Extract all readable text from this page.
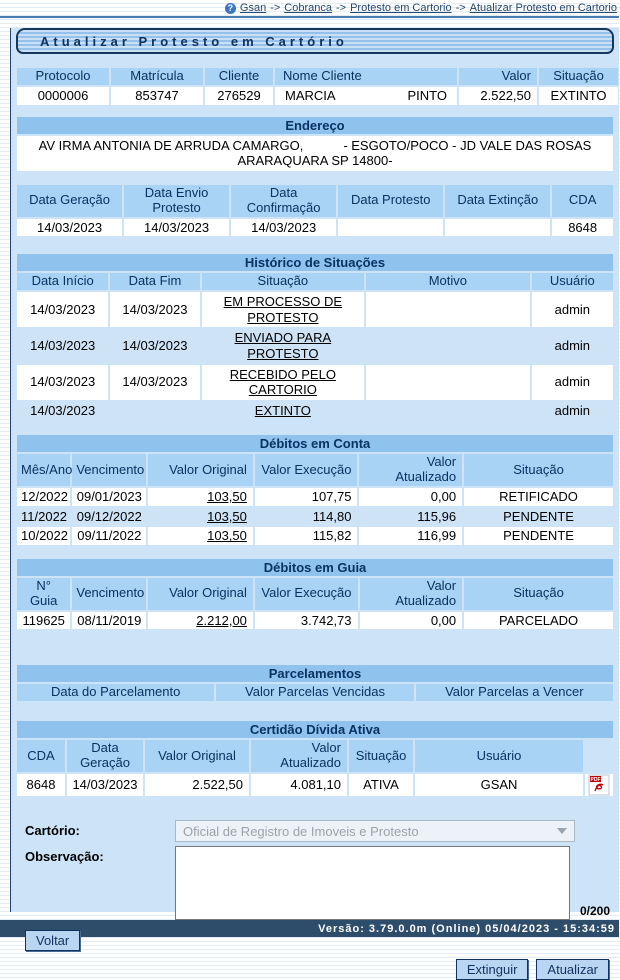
? Gsan -> Cobranca -> Protesto em Cartorio -> Atualizar Protesto em Cartorio
Atualizar Protesto em Cartório
Protocolo	Matrícula	Cliente	Nome Cliente	Valor	Situação
0000006	853747	276529	MARCIA PINTO	2.522,50	EXTINTO
Endereço

AV IRMA ANTONIA DE ARRUDA CAMARGO,	- ESGOTO/POCO - JD VALE DAS ROSAS
ARARAQUARA SP 14800-
Data Geração	Data Envio Protesto	Data Confirmação	Data Protesto	Data Extinção	CDA
14/03/2023	14/03/2023	14/03/2023			8648
Histórico de Situações				
Data Início	Data Fim	Situação	Motivo	Usuário
14/03/2023	14/03/2023	EM PROCESSO DE PROTESTO		admin
14/03/2023	14/03/2023	ENVIADO PARA PROTESTO		admin
14/03/2023	14/03/2023	RECEBIDO PELO CARTORIO		admin
14/03/2023		EXTINTO		admin
Débitos em Conta					
Mês/Ano	Vencimento	Valor Original	Valor Execução	Valor Atualizado	Situação
12/2022	09/01/2023	103,50	107,75	0,00	RETIFICADO
11/2022	09/12/2022	103,50	114,80	115,96	PENDENTE
10/2022	09/11/2022	103,50	115,82	116,99	PENDENTE
Débitos em Guia					
N° Guia	Vencimento	Valor Original	Valor Execução	Valor Atualizado	Situação
119625	08/11/2019	2.212,00	3.742,73	0,00	PARCELADO
Parcelamentos
Data do Parcelamento	Valor Parcelas Vencidas	Valor Parcelas a Vencer
Certidão Dívida Ativa						
CDA	Data Geração	Valor Original	Valor Atualizado	Situação	Usuário	
8648	14/03/2023	2.522,50	4.081,10	ATIVA	GSAN	PDF
Cartório:	Oficial de Registro de Imoveis e Protesto
Observação:
0/200
Voltar
Extinguir	Atualizar
Versão: 3.79.0.0m (Online) 05/04/2023 - 15:34:59
